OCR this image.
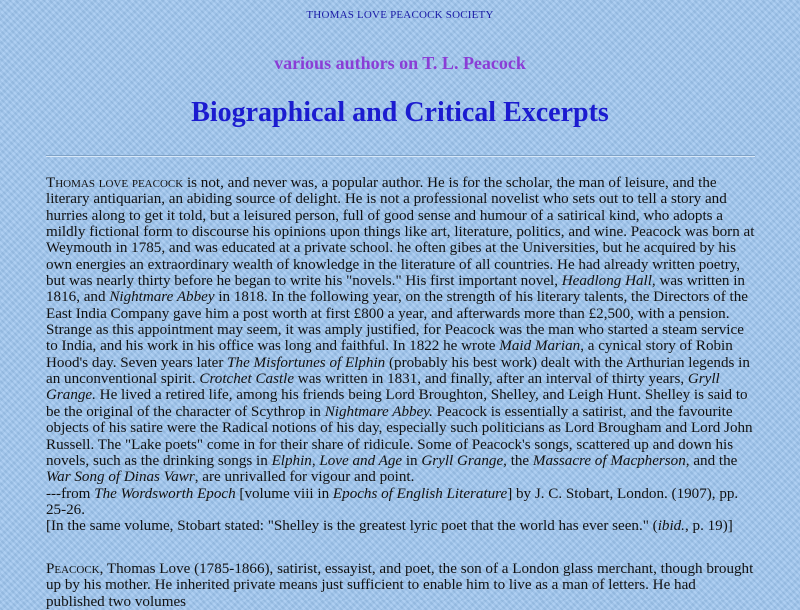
THOMAS LOVE PEACOCK SOCIETY
various authors on T. L. Peacock
Biographical and Critical Excerpts

Thomas love peacock is not, and never was, a popular author. He is for the scholar, the man of leisure, and the literary antiquarian, an abiding source of delight. He is not a professional novelist who sets out to tell a story and hurries along to get it told, but a leisured person, full of good sense and humour of a satirical kind, who adopts a mildly fictional form to discourse his opinions upon things like art, literature, politics, and wine. Peacock was born at Weymouth in 1785, and was educated at a private school. he often gibes at the Universities, but he acquired by his own energies an extraordinary wealth of knowledge in the literature of all countries. He had already written poetry, but was nearly thirty before he began to write his "novels." His first important novel, Headlong Hall, was written in 1816, and Nightmare Abbey in 1818. In the following year, on the strength of his literary talents, the Directors of the East India Company gave him a post worth at first £800 a year, and afterwards more than £2,500, with a pension. Strange as this appointment may seem, it was amply justified, for Peacock was the man who started a steam service to India, and his work in his office was long and faithful. In 1822 he wrote Maid Marian, a cynical story of Robin Hood's day. Seven years later The Misfortunes of Elphin (probably his best work) dealt with the Arthurian legends in an unconventional spirit. Crotchet Castle was written in 1831, and finally, after an interval of thirty years, Gryll Grange. He lived a retired life, among his friends being Lord Broughton, Shelley, and Leigh Hunt. Shelley is said to be the original of the character of Scythrop in Nightmare Abbey. Peacock is essentially a satirist, and the favourite objects of his satire were the Radical notions of his day, especially such politicians as Lord Brougham and Lord John Russell. The "Lake poets" come in for their share of ridicule. Some of Peacock's songs, scattered up and down his novels, such as the drinking songs in Elphin, Love and Age in Gryll Grange, the Massacre of Macpherson, and the War Song of Dinas Vawr, are unrivalled for vigour and point.

---from The Wordsworth Epoch [volume viii in Epochs of English Literature] by J. C. Stobart, London. (1907), pp. 25-26.

[In the same volume, Stobart stated: "Shelley is the greatest lyric poet that the world has ever seen." (ibid., p. 19)]

Peacock, Thomas Love (1785-1866), satirist, essayist, and poet, the son of a London glass merchant, though brought up by his mother. He inherited private means just sufficient to enable him to live as a man of letters. He had published two volumes
